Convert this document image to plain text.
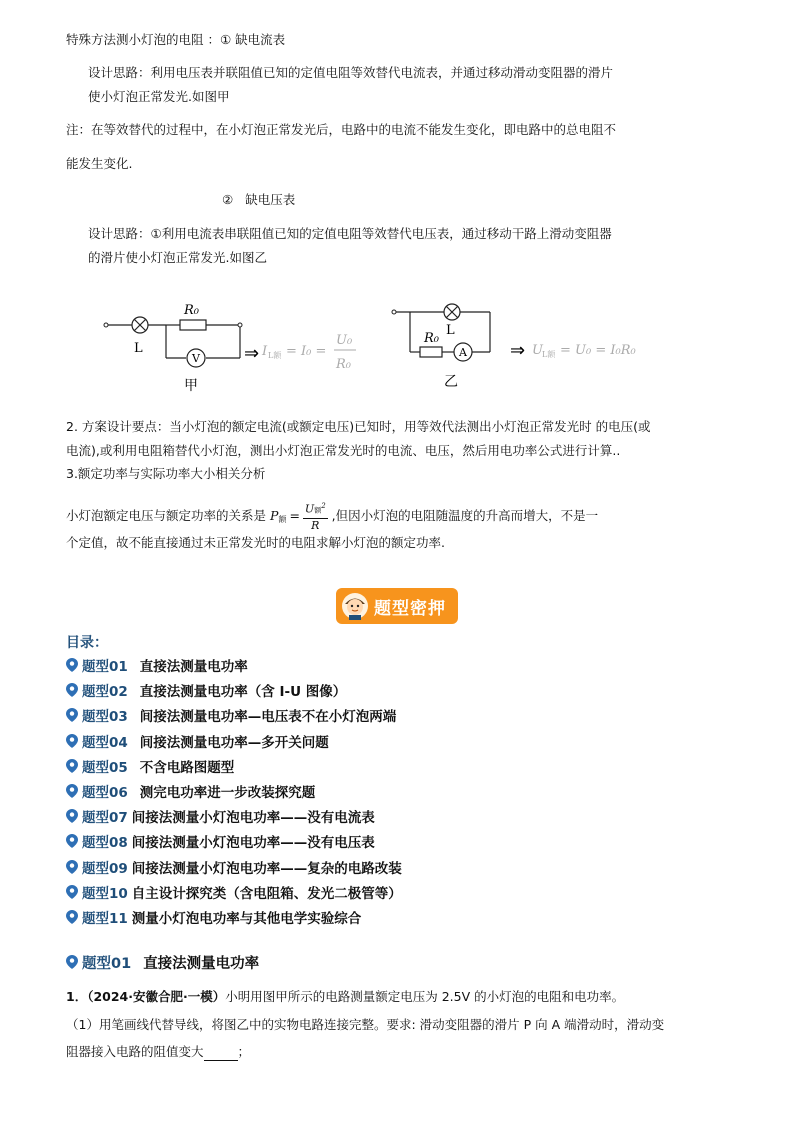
特殊方法测小灯泡的电阻 ：① 缺电流表
设计思路：利用电压表并联阻值已知的定值电阻等效替代电流表，并通过移动滑动变阻器的滑片
使小灯泡正常发光.如图甲
注：在等效替代的过程中，在小灯泡正常发光后，电路中的电流不能发生变化，即电路中的总电阻不
能发生变化.
② 缺电压表
设计思路：①利用电流表串联阻值已知的定值电阻等效替代电压表，通过移动干路上滑动变阻器
的滑片使小灯泡正常发光.如图乙
R₀
L
V ⇒ I L额 = I₀ =
U₀
R₀
甲
R₀
L
A ⇒ U L额 = U₀ = I₀R₀
乙
2. 方案设计要点：当小灯泡的额定电流(或额定电压)已知时，用等效代法测出小灯泡正常发光时 的电压(或
电流),或利用电阻箱替代小灯泡，测出小灯泡正常发光时的电流、电压，然后用电功率公式进行计算..
3.额定功率与实际功率大小相关分析
小灯泡额定电压与额定功率的关系是 P 额 = U额$^2$
R
,但因小灯泡的电阻随温度的升高而增大，不是一
个定值，故不能直接通过未正常发光时的电阻求解小灯泡的额定功率.
题型密押
目录：
题型01 直接法测量电功率
题型02 直接法测量电功率（含 I-U 图像）
题型03 间接法测量电功率—电压表不在小灯泡两端
题型04 间接法测量电功率—多开关问题
题型05 不含电路图题型
题型06 测完电功率进一步改装探究题
题型07 间接法测量小灯泡电功率——没有电流表
题型08 间接法测量小灯泡电功率——没有电压表
题型09 间接法测量小灯泡电功率——复杂的电路改装
题型10 自主设计探究类（含电阻箱、发光二极管等）
题型11 测量小灯泡电功率与其他电学实验综合
题型01 直接法测量电功率
1．（2024·安徽合肥·一模）小明用图甲所示的电路测量额定电压为 2.5V 的小灯泡的电阻和电功率。
（1）用笔画线代替导线，将图乙中的实物电路连接完整。要求: 滑动变阻器的滑片 P 向 A 端滑动时，滑动变
阻器接入电路的阻值变大	；
